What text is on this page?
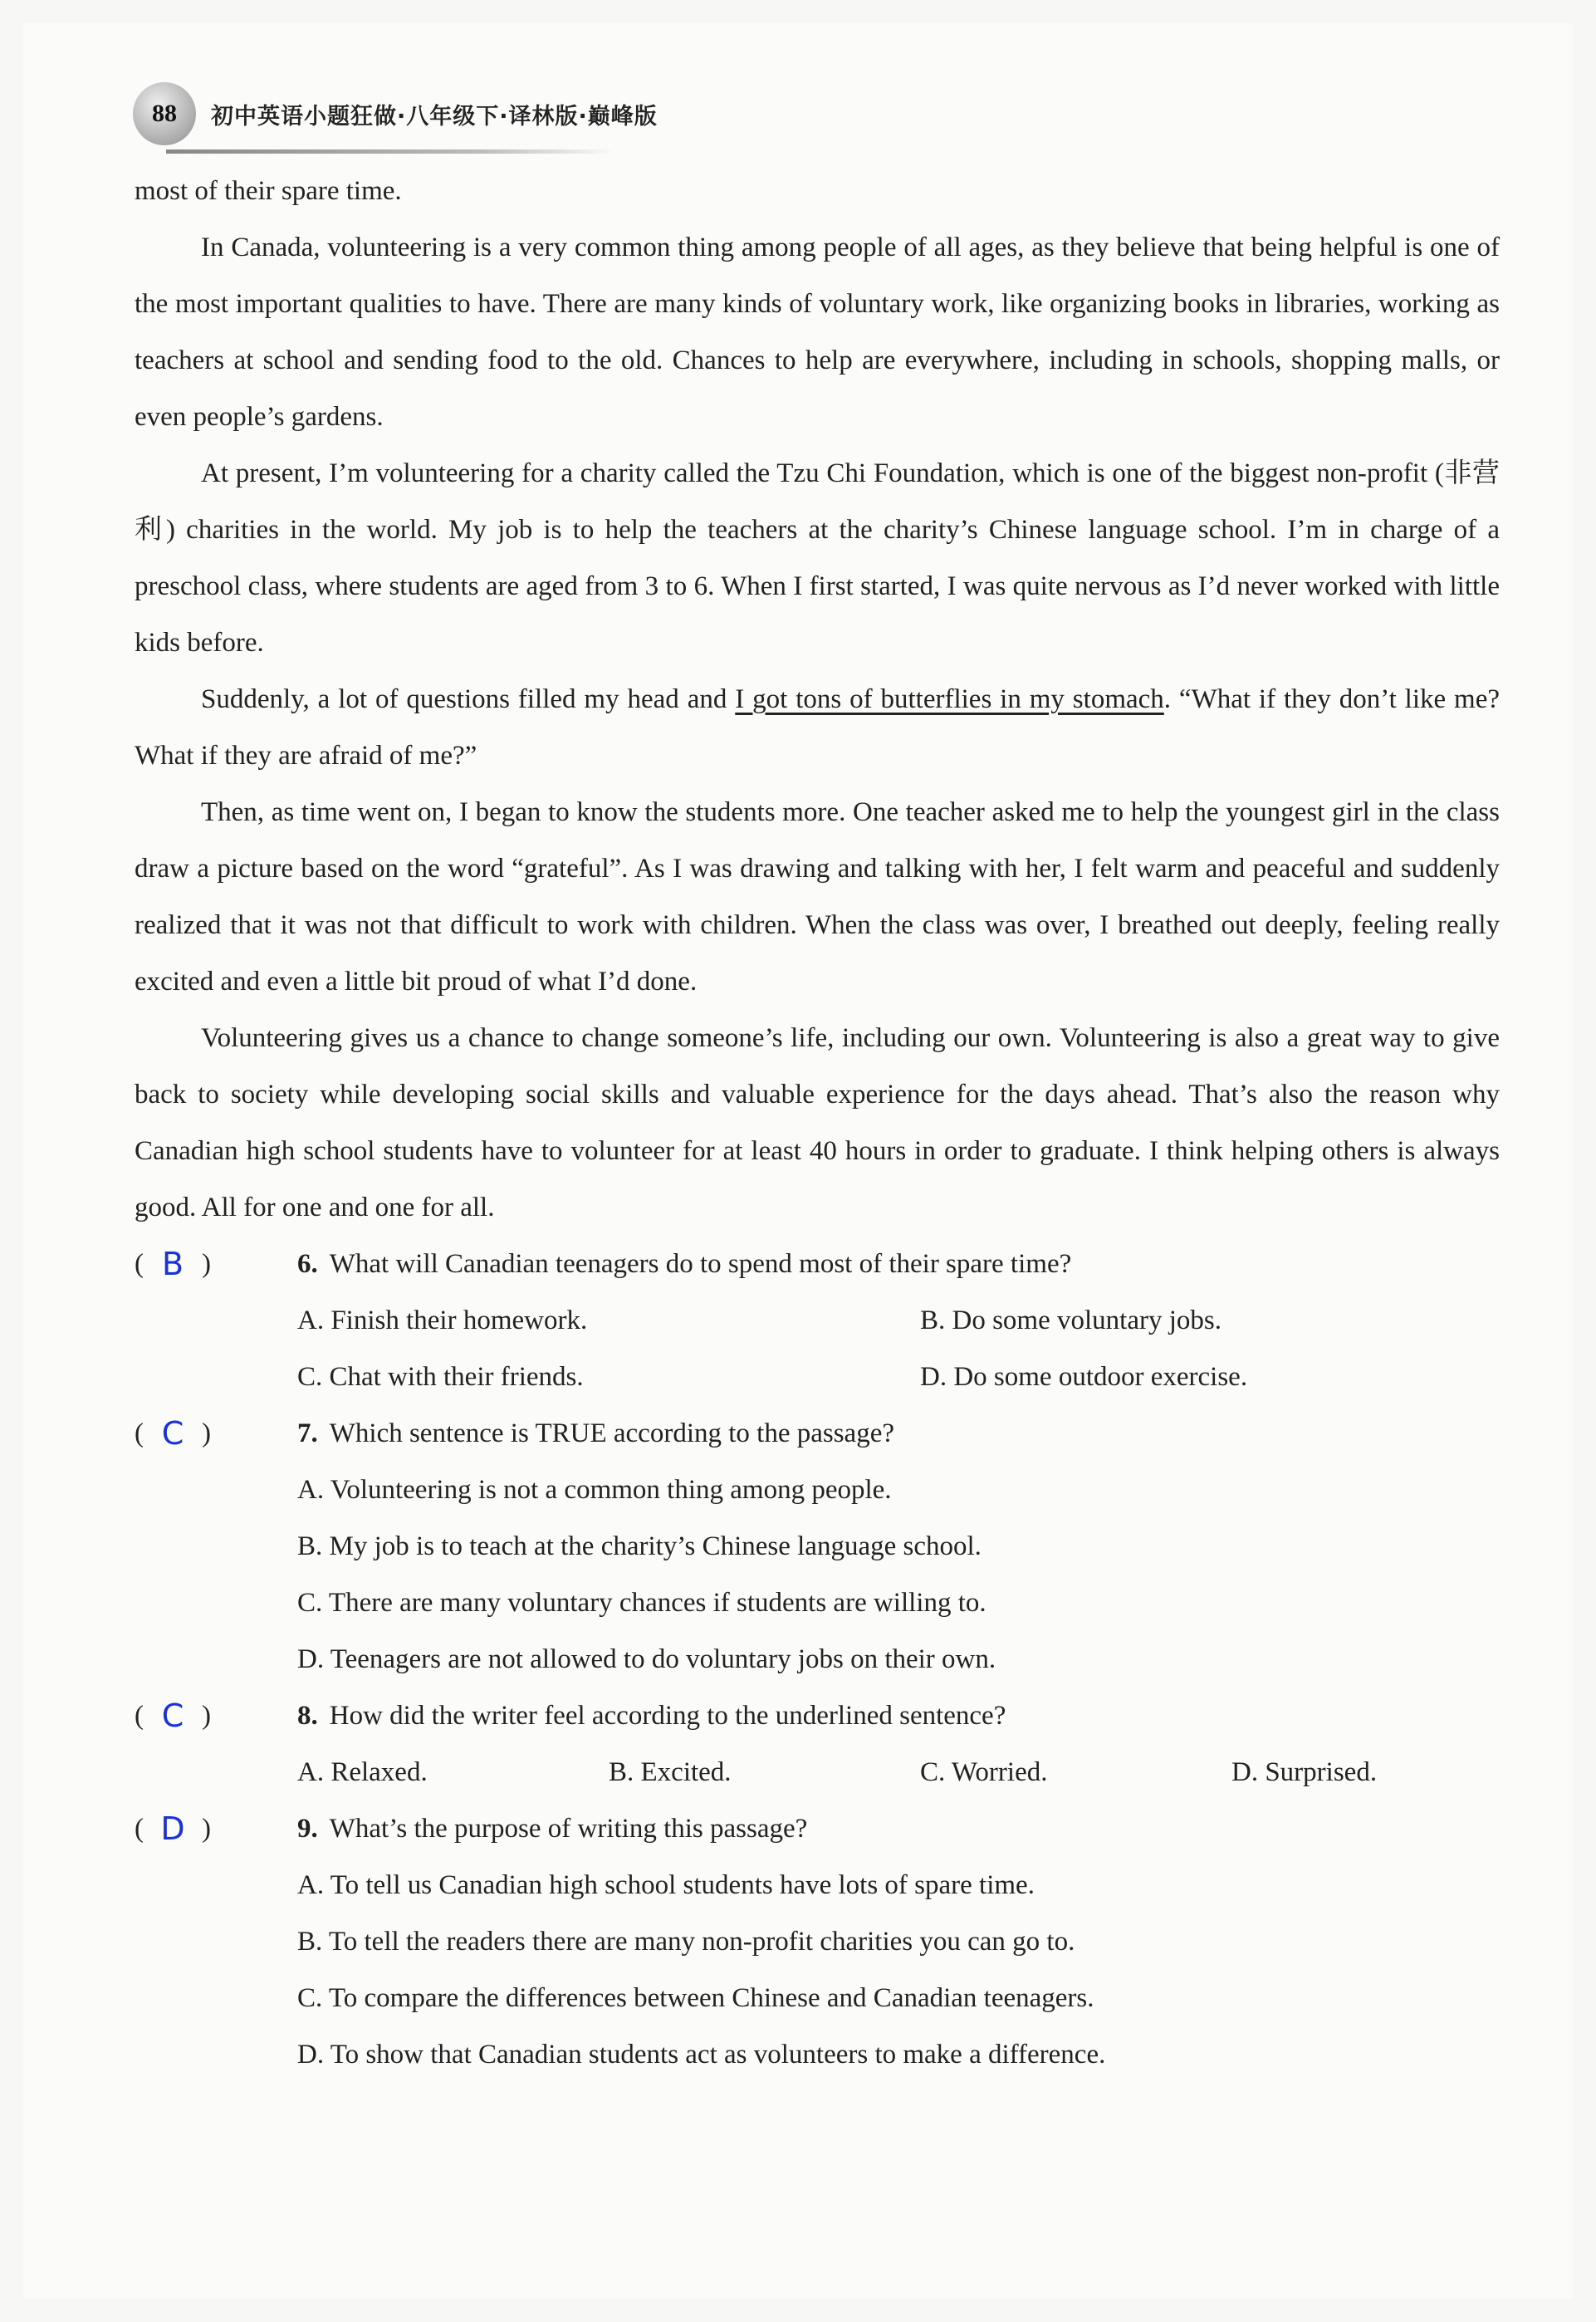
88	初中英语小题狂做·八年级下·译林版·巅峰版

most of their spare time.

In Canada, volunteering is a very common thing among people of all ages, as they believe that being helpful is one of the most important qualities to have. There are many kinds of voluntary work, like organizing books in libraries, working as teachers at school and sending food to the old. Chances to help are everywhere, including in schools, shopping malls, or even people’s gardens.

At present, I’m volunteering for a charity called the Tzu Chi Foundation, which is one of the biggest non-profit (非营利) charities in the world. My job is to help the teachers at the charity’s Chinese language school. I’m in charge of a preschool class, where students are aged from 3 to 6. When I first started, I was quite nervous as I’d never worked with little kids before.

Suddenly, a lot of questions filled my head and I got tons of butterflies in my stomach. “What if they don’t like me? What if they are afraid of me?”

Then, as time went on, I began to know the students more. One teacher asked me to help the youngest girl in the class draw a picture based on the word “grateful”. As I was drawing and talking with her, I felt warm and peaceful and suddenly realized that it was not that difficult to work with children. When the class was over, I breathed out deeply, feeling really excited and even a little bit proud of what I’d done.

Volunteering gives us a chance to change someone’s life, including our own. Volunteering is also a great way to give back to society while developing social skills and valuable experience for the days ahead. That’s also the reason why Canadian high school students have to volunteer for at least 40 hours in order to graduate. I think helping others is always good. All for one and one for all.

( B )	6. What will Canadian teenagers do to spend most of their spare time?
A. Finish their homework.	B. Do some voluntary jobs.
C. Chat with their friends.	D. Do some outdoor exercise.
( C )	7. Which sentence is TRUE according to the passage?
A. Volunteering is not a common thing among people.
B. My job is to teach at the charity’s Chinese language school.
C. There are many voluntary chances if students are willing to.
D. Teenagers are not allowed to do voluntary jobs on their own.
( C )	8. How did the writer feel according to the underlined sentence?
A. Relaxed.	B. Excited.	C. Worried.	D. Surprised.
( D )	9. What’s the purpose of writing this passage?
A. To tell us Canadian high school students have lots of spare time.
B. To tell the readers there are many non-profit charities you can go to.
C. To compare the differences between Chinese and Canadian teenagers.
D. To show that Canadian students act as volunteers to make a difference.
